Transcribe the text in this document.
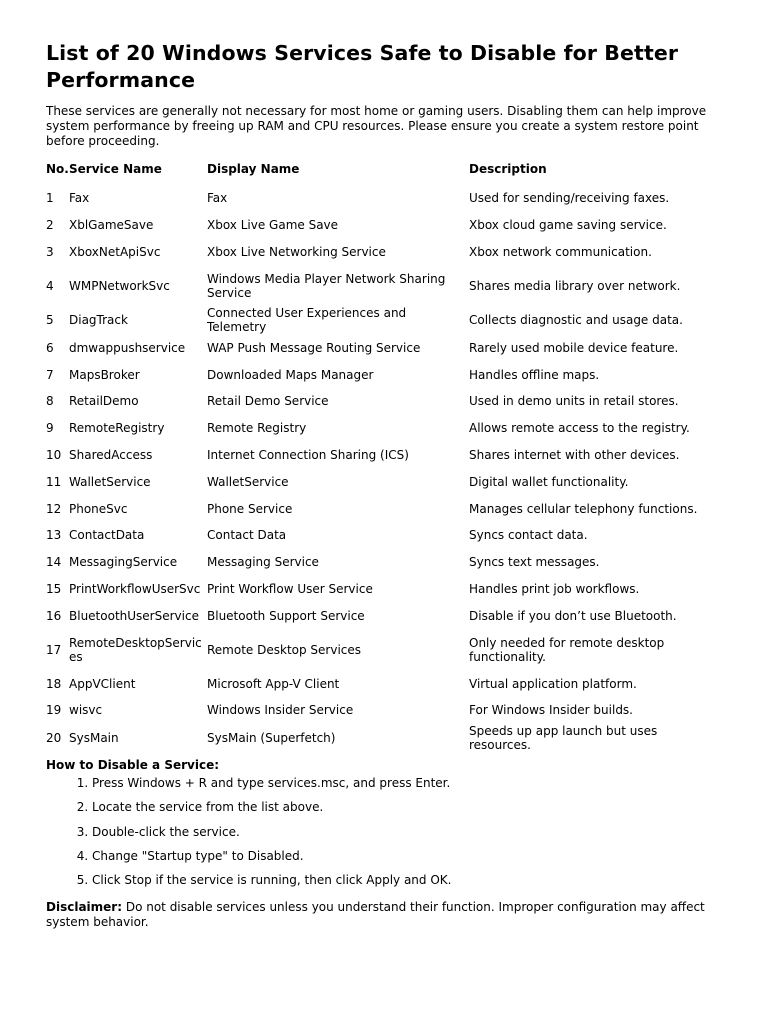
List of 20 Windows Services Safe to Disable for Better Performance

These services are generally not necessary for most home or gaming users. Disabling them can help improve system performance by freeing up RAM and CPU resources. Please ensure you create a system restore point before proceeding.

No.	Service Name	Display Name	Description
1	Fax	Fax	Used for sending/receiving faxes.
2	XblGameSave	Xbox Live Game Save	Xbox cloud game saving service.
3	XboxNetApiSvc	Xbox Live Networking Service	Xbox network communication.
4	WMPNetworkSvc	Windows Media Player Network Sharing Service	Shares media library over network.
5	DiagTrack	Connected User Experiences and Telemetry	Collects diagnostic and usage data.
6	dmwappushservice	WAP Push Message Routing Service	Rarely used mobile device feature.
7	MapsBroker	Downloaded Maps Manager	Handles offline maps.
8	RetailDemo	Retail Demo Service	Used in demo units in retail stores.
9	RemoteRegistry	Remote Registry	Allows remote access to the registry.
10	SharedAccess	Internet Connection Sharing (ICS)	Shares internet with other devices.
11	WalletService	WalletService	Digital wallet functionality.
12	PhoneSvc	Phone Service	Manages cellular telephony functions.
13	ContactData	Contact Data	Syncs contact data.
14	MessagingService	Messaging Service	Syncs text messages.
15	PrintWorkflowUserSvc	Print Workflow User Service	Handles print job workflows.
16	BluetoothUserService	Bluetooth Support Service	Disable if you don’t use Bluetooth.
17	RemoteDesktopServices	Remote Desktop Services	Only needed for remote desktop functionality.
18	AppVClient	Microsoft App-V Client	Virtual application platform.
19	wisvc	Windows Insider Service	For Windows Insider builds.
20	SysMain	SysMain (Superfetch)	Speeds up app launch but uses resources.
How to Disable a Service:
1. Press Windows + R and type services.msc, and press Enter.
2. Locate the service from the list above.
3. Double-click the service.
4. Change "Startup type" to Disabled.
5. Click Stop if the service is running, then click Apply and OK.

Disclaimer: Do not disable services unless you understand their function. Improper configuration may affect system behavior.
